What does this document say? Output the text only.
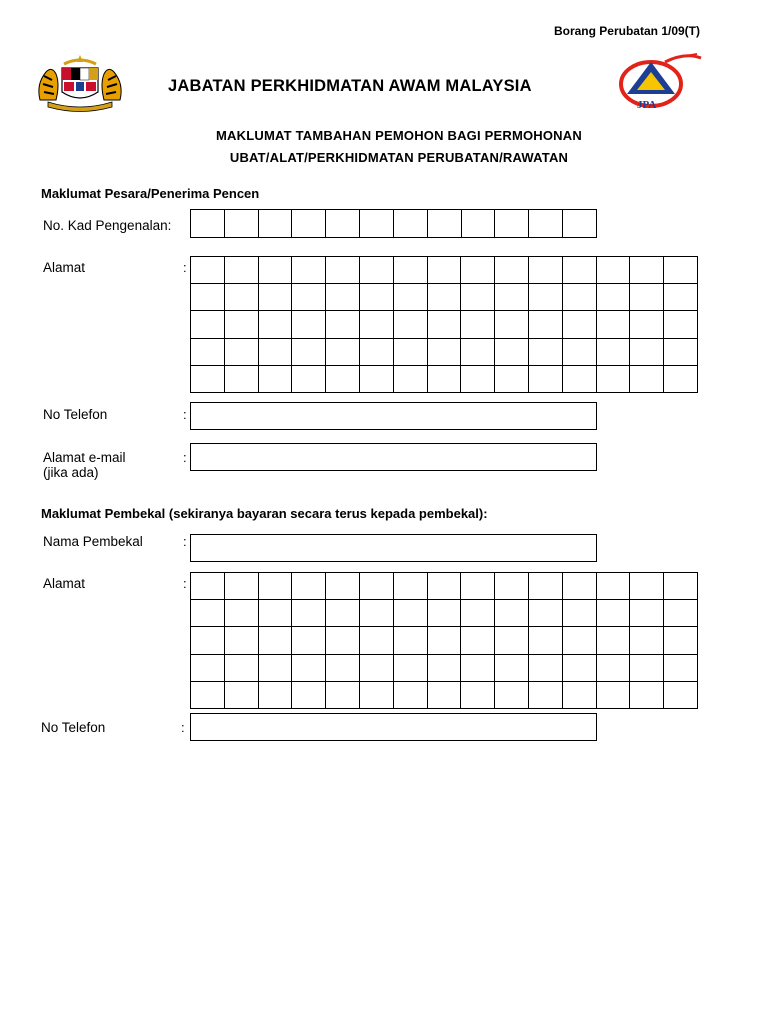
Borang Perubatan 1/09(T)
JABATAN PERKHIDMATAN AWAM MALAYSIA
JPA
MAKLUMAT TAMBAHAN PEMOHON BAGI PERMOHONAN
UBAT/ALAT/PERKHIDMATAN PERUBATAN/RAWATAN
Maklumat Pesara/Penerima Pencen
No. Kad Pengenalan:

Alamat	:

No Telefon	:
Alamat e-mail
(jika ada)
:
Maklumat Pembekal (sekiranya bayaran secara terus kepada pembekal):
Nama Pembekal	:
Alamat	:

No Telefon	:
